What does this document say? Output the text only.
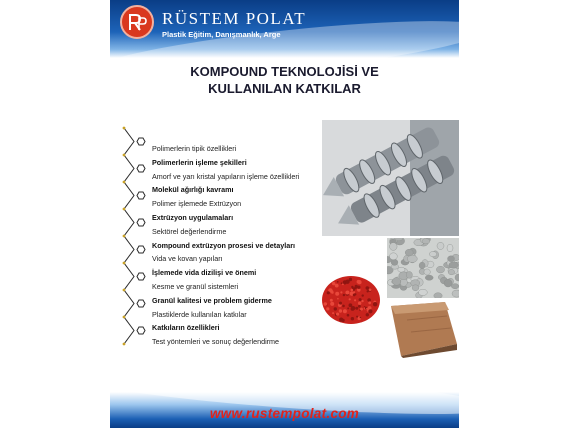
RÜSTEM POLAT
Plastik Eğitim, Danışmanlık, Arge
KOMPOUND TEKNOLOJİSİ VE
KULLANILAN KATKILAR
Polimerlerin tipik özellikleri
Polimerlerin işleme şekilleri
Amorf ve yarı kristal yapıların işleme özellikleri
Molekül ağırlığı kavramı
Polimer işlemede Extrüzyon
Extrüzyon uygulamaları
Sektörel değerlendirme
Kompound extrüzyon prosesi ve detayları
Vida ve kovan yapıları
İşlemede vida dizilişi ve önemi
Kesme ve granül sistemleri
Granül kalitesi ve problem giderme
Plastiklerde kullanılan katkılar
Katkıların özellikleri
Test yöntemleri ve sonuç değerlendirme
www.rustempolat.com
